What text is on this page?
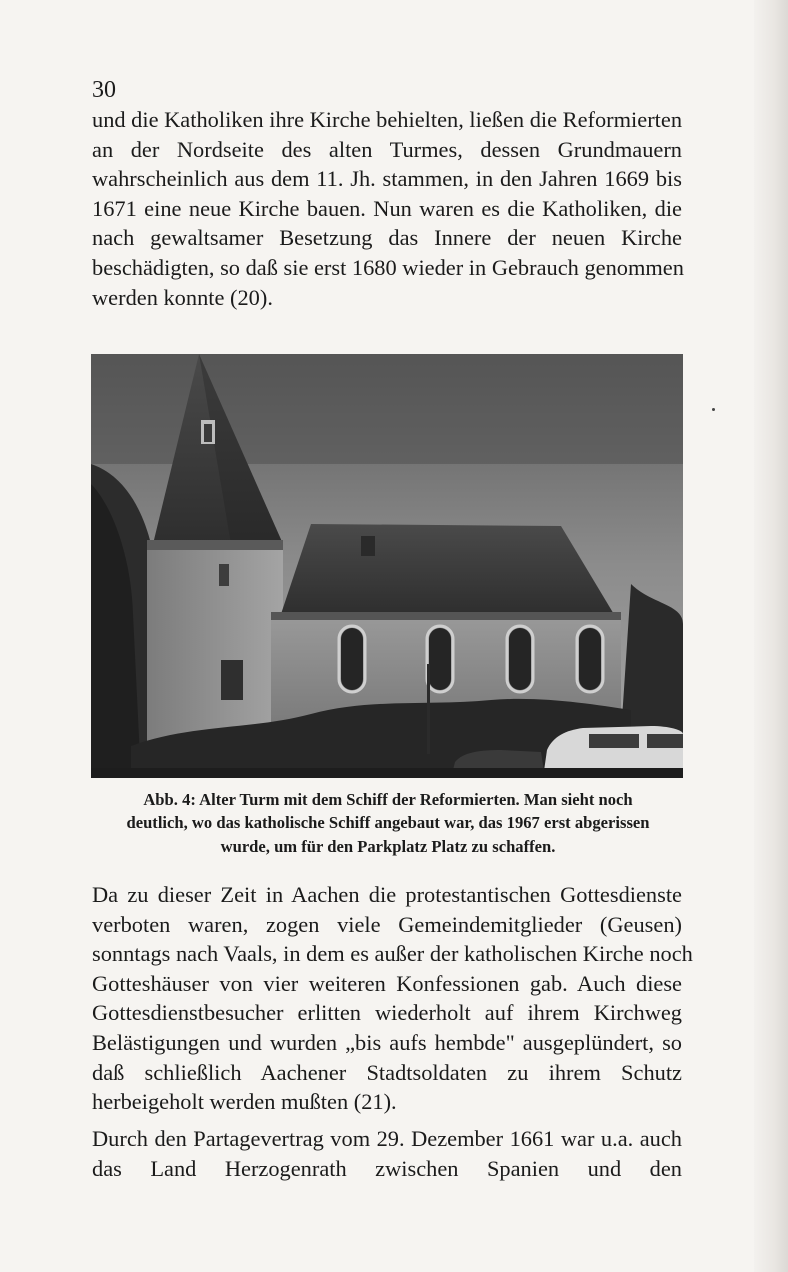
30
und die Katholiken ihre Kirche behielten, ließen die Reformierten
an der Nordseite des alten Turmes, dessen Grundmauern
wahrscheinlich aus dem 11. Jh. stammen, in den Jahren 1669 bis
1671 eine neue Kirche bauen. Nun waren es die Katholiken, die
nach gewaltsamer Besetzung das Innere der neuen Kirche
beschädigten, so daß sie erst 1680 wieder in Gebrauch genommen
werden konnte (20).
Abb. 4: Alter Turm mit dem Schiff der Reformierten. Man sieht noch
deutlich, wo das katholische Schiff angebaut war, das 1967 erst abgerissen
wurde, um für den Parkplatz Platz zu schaffen.
Da zu dieser Zeit in Aachen die protestantischen Gottesdienste
verboten waren, zogen viele Gemeindemitglieder (Geusen)
sonntags nach Vaals, in dem es außer der katholischen Kirche noch
Gotteshäuser von vier weiteren Konfessionen gab. Auch diese
Gottesdienstbesucher erlitten wiederholt auf ihrem Kirchweg
Belästigungen und wurden „bis aufs hembde" ausgeplündert, so
daß schließlich Aachener Stadtsoldaten zu ihrem Schutz
herbeigeholt werden mußten (21).
Durch den Partagevertrag vom 29. Dezember 1661 war u.a. auch
das Land Herzogenrath zwischen Spanien und den
